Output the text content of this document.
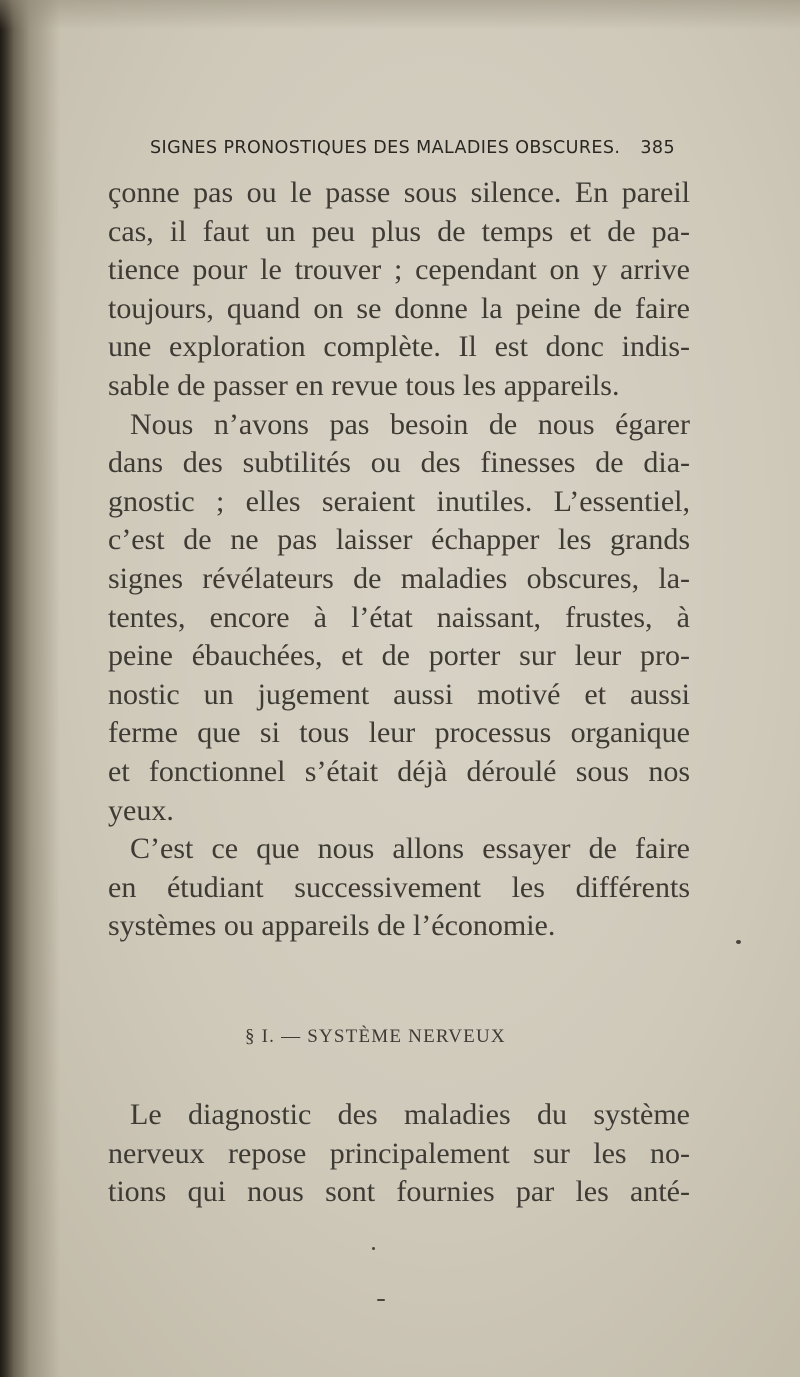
SIGNES PRONOSTIQUES DES MALADIES OBSCURES. 385
çonne pas ou le passe sous silence. En pareil
cas, il faut un peu plus de temps et de pa-
tience pour le trouver ; cependant on y arrive
toujours, quand on se donne la peine de faire
une exploration complète. Il est donc indis-
sable de passer en revue tous les appareils.
Nous n’avons pas besoin de nous égarer
dans des subtilités ou des finesses de dia-
gnostic ; elles seraient inutiles. L’essentiel,
c’est de ne pas laisser échapper les grands
signes révélateurs de maladies obscures, la-
tentes, encore à l’état naissant, frustes, à
peine ébauchées, et de porter sur leur pro-
nostic un jugement aussi motivé et aussi
ferme que si tous leur processus organique
et fonctionnel s’était déjà déroulé sous nos
yeux.
C’est ce que nous allons essayer de faire
en étudiant successivement les différents
systèmes ou appareils de l’économie.
§ I. — SYSTÈME NERVEUX
Le diagnostic des maladies du système
nerveux repose principalement sur les no-
tions qui nous sont fournies par les anté-
